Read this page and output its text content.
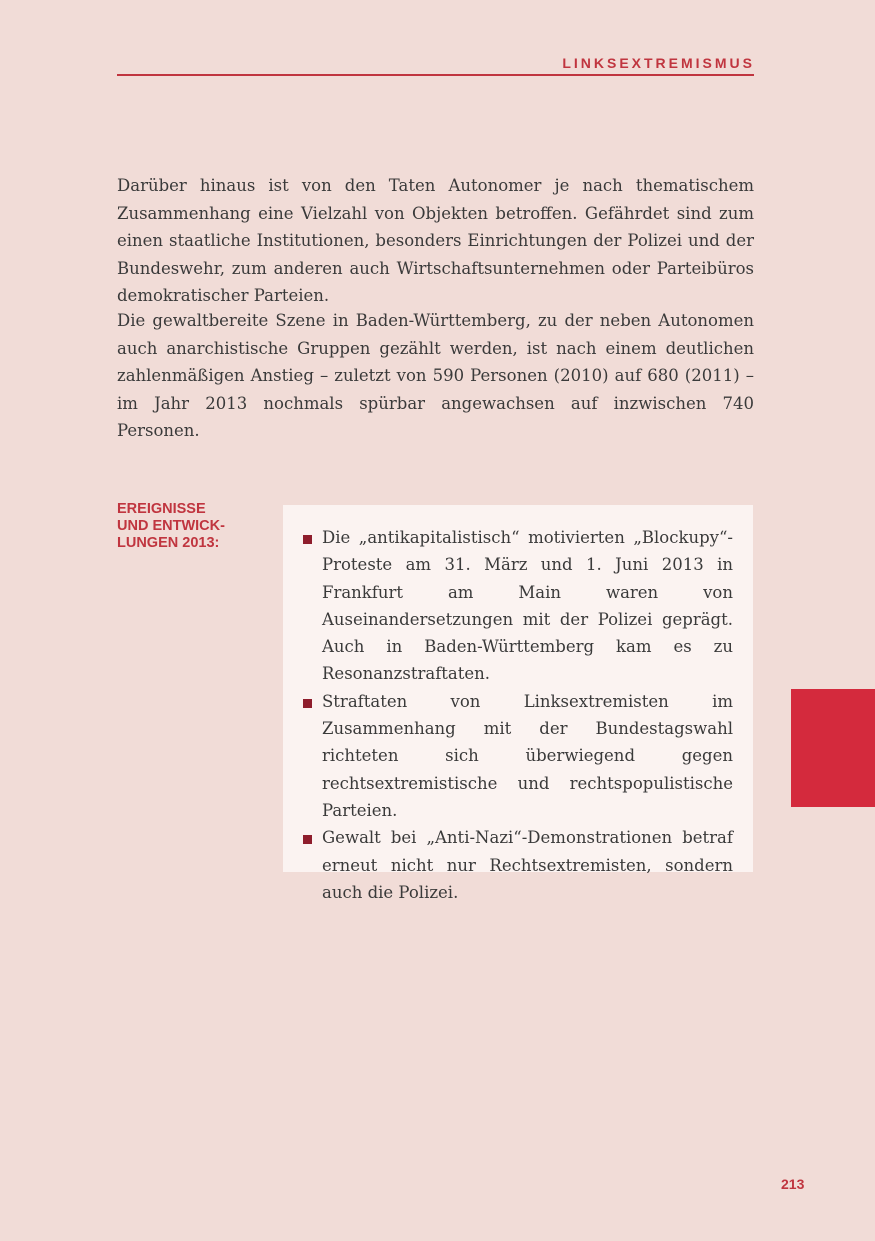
LINKSEXTREMISMUS

Darüber hinaus ist von den Taten Autonomer je nach thematischem Zusammenhang eine Vielzahl von Objekten betroffen. Gefährdet sind zum einen staatliche Institutionen, besonders Einrichtungen der Polizei und der Bundeswehr, zum anderen auch Wirtschaftsunternehmen oder Parteibüros demokratischer Parteien.

Die gewaltbereite Szene in Baden-Württemberg, zu der neben Autonomen auch anarchistische Gruppen gezählt werden, ist nach einem deutlichen zahlenmäßigen Anstieg – zuletzt von 590 Personen (2010) auf 680 (2011) – im Jahr 2013 nochmals spürbar angewachsen auf inzwischen 740 Personen.

EREIGNISSE
UND ENTWICK-
LUNGEN 2013:	Die „antikapitalistisch“ motivierten „Blockupy“-Proteste am 31. März und 1. Juni 2013 in Frankfurt am Main waren von Auseinandersetzungen mit der Polizei geprägt. Auch in Baden-Württemberg kam es zu Resonanzstraftaten.
Straftaten von Linksextremisten im Zusammenhang mit der Bundestagswahl richteten sich überwiegend gegen rechtsextremistische und rechtspopulistische Parteien.
Gewalt bei „Anti-Nazi“-Demonstrationen betraf erneut nicht nur Rechtsextremisten, sondern auch die Polizei.
213
